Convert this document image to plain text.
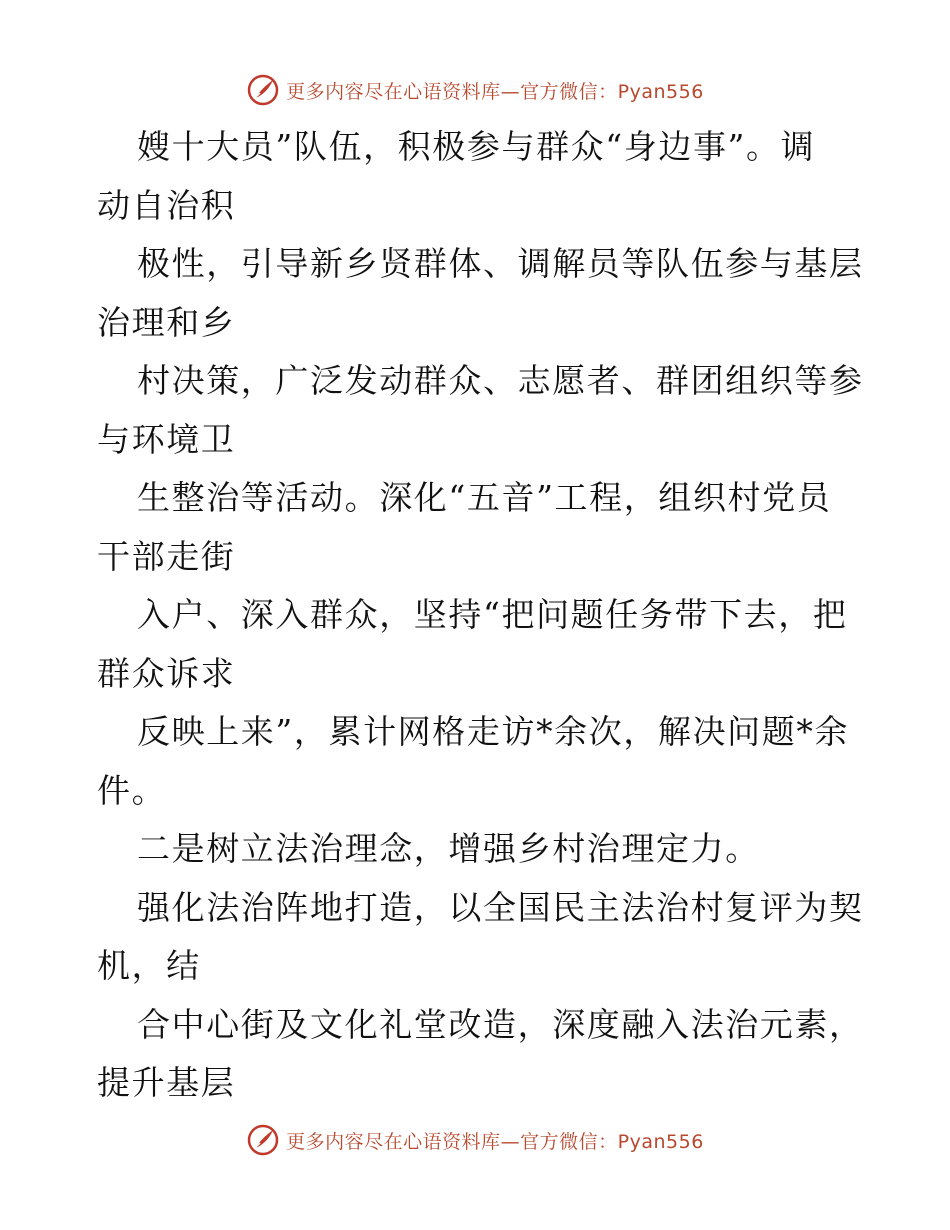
更多内容尽在心语资料库—官方微信：Pyan556
嫂十大员”队伍，积极参与群众“身边事”。调
动自治积
极性，引导新乡贤群体、调解员等队伍参与基层
治理和乡
村决策，广泛发动群众、志愿者、群团组织等参
与环境卫
生整治等活动。深化“五音”工程，组织村党员
干部走街
入户、深入群众，坚持“把问题任务带下去，把
群众诉求
反映上来”，累计网格走访*余次，解决问题*余
件。
二是树立法治理念，增强乡村治理定力。
强化法治阵地打造，以全国民主法治村复评为契
机，结
合中心街及文化礼堂改造，深度融入法治元素，
提升基层
更多内容尽在心语资料库—官方微信：Pyan556
